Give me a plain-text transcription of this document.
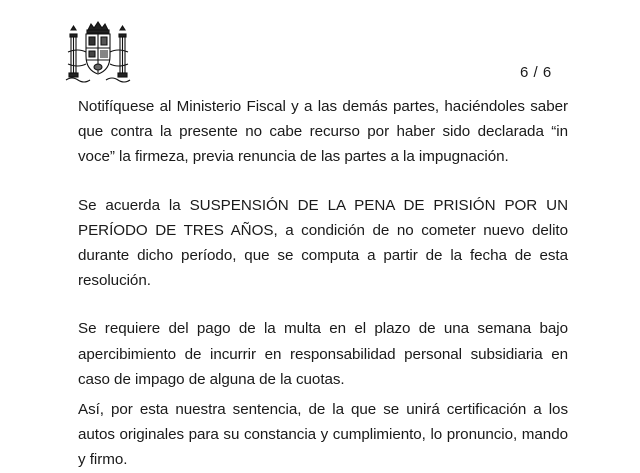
6 / 6

Notifíquese al Ministerio Fiscal y a las demás partes, haciéndoles saber que contra la presente no cabe recurso por haber sido declarada “in voce” la firmeza, previa renuncia de las partes a la impugnación.

Se acuerda la SUSPENSIÓN DE LA PENA DE PRISIÓN POR UN PERÍODO DE TRES AÑOS, a condición de no cometer nuevo delito durante dicho período, que se computa a partir de la fecha de esta resolución.

Se requiere del pago de la multa en el plazo de una semana bajo apercibimiento de incurrir en responsabilidad personal subsidiaria en caso de impago de alguna de la cuotas.

Así, por esta nuestra sentencia, de la que se unirá certificación a los autos originales para su constancia y cumplimiento, lo pronuncio, mando y firmo.
